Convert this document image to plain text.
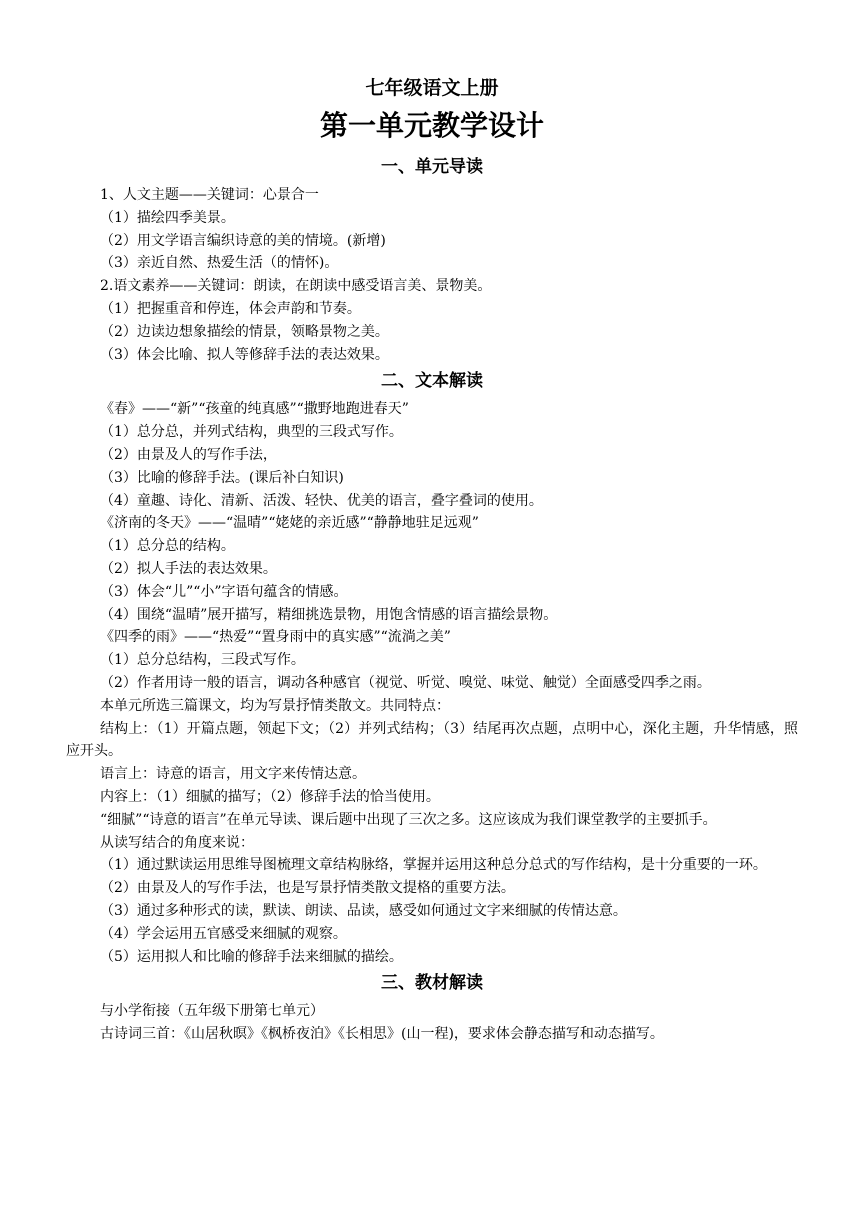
七年级语文上册
第一单元教学设计
一、单元导读

1、人文主题——关键词：心景合一

（1）描绘四季美景。

（2）用文学语言编织诗意的美的情境。(新增)

（3）亲近自然、热爱生活（的情怀)。

2.语文素养——关键词：朗读，在朗读中感受语言美、景物美。

（1）把握重音和停连，体会声韵和节奏。

（2）边读边想象描绘的情景，领略景物之美。

（3）体会比喻、拟人等修辞手法的表达效果。

二、文本解读

《春》——“新”“孩童的纯真感”“撒野地跑进春天”

（1）总分总，并列式结构，典型的三段式写作。

（2）由景及人的写作手法，

（3）比喻的修辞手法。(课后补白知识)

（4）童趣、诗化、清新、活泼、轻快、优美的语言，叠字叠词的使用。

《济南的冬天》——“温晴”“姥姥的亲近感”“静静地驻足远观”

（1）总分总的结构。

（2）拟人手法的表达效果。

（3）体会“儿”“小”字语句蕴含的情感。

（4）围绕“温晴”展开描写，精细挑选景物，用饱含情感的语言描绘景物。

《四季的雨》——“热爱”“置身雨中的真实感”“流淌之美”

（1）总分总结构，三段式写作。

（2）作者用诗一般的语言，调动各种感官（视觉、听觉、嗅觉、味觉、触觉）全面感受四季之雨。

本单元所选三篇课文，均为写景抒情类散文。共同特点：

结构上：（1）开篇点题，领起下文；（2）并列式结构；（3）结尾再次点题，点明中心，深化主题，升华情感，照应开头。

语言上：诗意的语言，用文字来传情达意。

内容上：（1）细腻的描写；（2）修辞手法的恰当使用。

“细腻”“诗意的语言”在单元导读、课后题中出现了三次之多。这应该成为我们课堂教学的主要抓手。

从读写结合的角度来说：

（1）通过默读运用思维导图梳理文章结构脉络，掌握并运用这种总分总式的写作结构，是十分重要的一环。

（2）由景及人的写作手法，也是写景抒情类散文提格的重要方法。

（3）通过多种形式的读，默读、朗读、品读，感受如何通过文字来细腻的传情达意。

（4）学会运用五官感受来细腻的观察。

（5）运用拟人和比喻的修辞手法来细腻的描绘。

三、教材解读

与小学衔接（五年级下册第七单元）

古诗词三首：《山居秋暝》《枫桥夜泊》《长相思》(山一程)，要求体会静态描写和动态描写。
